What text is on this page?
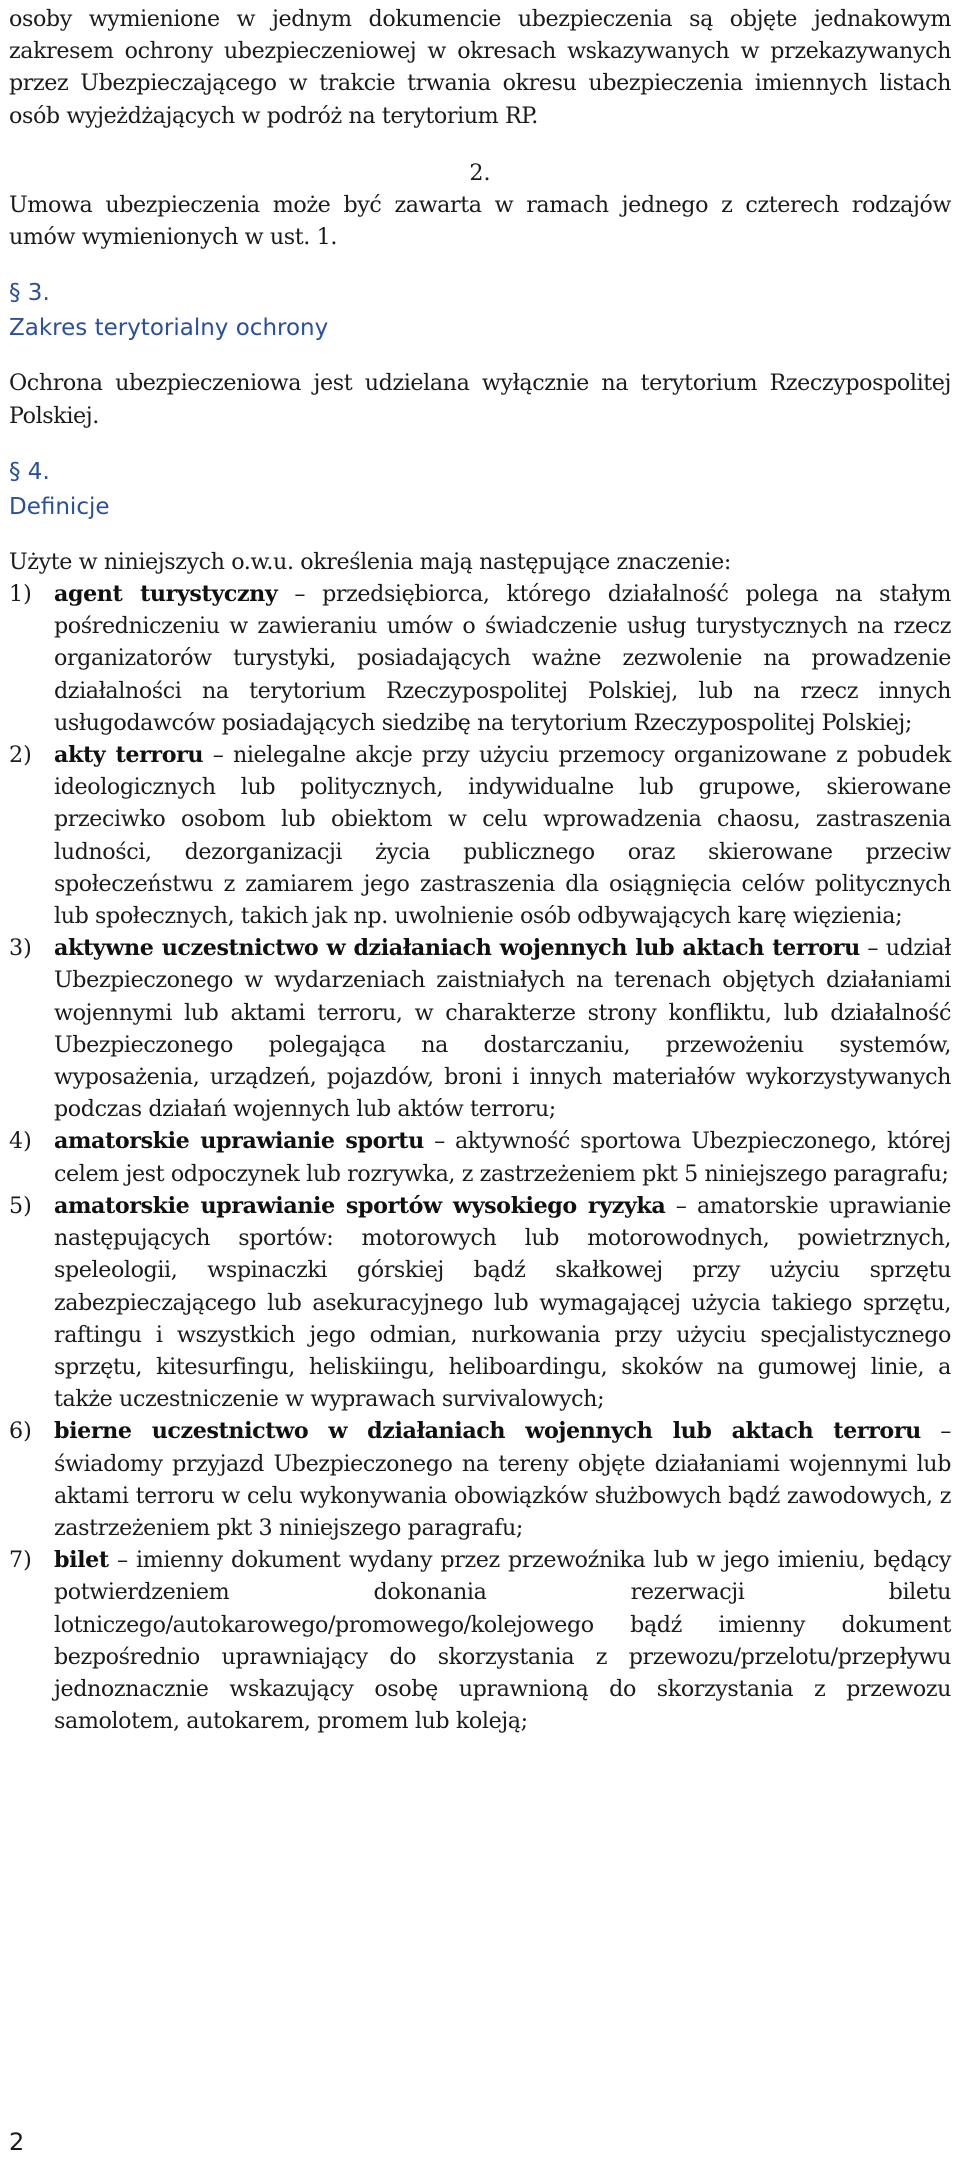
osoby wymienione w jednym dokumencie ubezpieczenia są objęte jednakowym zakresem ochrony ubezpieczeniowej w okresach wskazywanych w przekazywanych przez Ubezpieczającego w trakcie trwania okresu ubezpieczenia imiennych listach osób wyjeżdżających w podróż na terytorium RP.

2.

Umowa ubezpieczenia może być zawarta w ramach jednego z czterech rodzajów umów wymienionych w ust. 1.

§ 3.
Zakres terytorialny ochrony

Ochrona ubezpieczeniowa jest udzielana wyłącznie na terytorium Rzeczypospolitej Polskiej.

§ 4.
Definicje

Użyte w niniejszych o.w.u. określenia mają następujące znaczenie:

1)	agent turystyczny – przedsiębiorca, którego działalność polega na stałym pośredniczeniu w zawieraniu umów o świadczenie usług turystycznych na rzecz organizatorów turystyki, posiadających ważne zezwolenie na prowadzenie działalności na terytorium Rzeczypospolitej Polskiej, lub na rzecz innych usługodawców posiadających siedzibę na terytorium Rzeczypospolitej Polskiej;
2)	akty terroru – nielegalne akcje przy użyciu przemocy organizowane z pobudek ideologicznych lub politycznych, indywidualne lub grupowe, skierowane przeciwko osobom lub obiektom w celu wprowadzenia chaosu, zastraszenia ludności, dezorganizacji życia publicznego oraz skierowane przeciw społeczeństwu z zamiarem jego zastraszenia dla osiągnięcia celów politycznych lub społecznych, takich jak np. uwolnienie osób odbywających karę więzienia;
3)	aktywne uczestnictwo w działaniach wojennych lub aktach terroru – udział Ubezpieczonego w wydarzeniach zaistniałych na terenach objętych działaniami wojennymi lub aktami terroru, w charakterze strony konfliktu, lub działalność Ubezpieczonego polegająca na dostarczaniu, przewożeniu systemów, wyposażenia, urządzeń, pojazdów, broni i innych materiałów wykorzystywanych podczas działań wojennych lub aktów terroru;
4)	amatorskie uprawianie sportu – aktywność sportowa Ubezpieczonego, której celem jest odpoczynek lub rozrywka, z zastrzeżeniem pkt 5 niniejszego paragrafu;
5)	amatorskie uprawianie sportów wysokiego ryzyka – amatorskie uprawianie następujących sportów: motorowych lub motorowodnych, powietrznych, speleologii, wspinaczki górskiej bądź skałkowej przy użyciu sprzętu zabezpieczającego lub asekuracyjnego lub wymagającej użycia takiego sprzętu, raftingu i wszystkich jego odmian, nurkowania przy użyciu specjalistycznego sprzętu, kitesurfingu, heliskiingu, heliboardingu, skoków na gumowej linie, a także uczestniczenie w wyprawach survivalowych;
6)	bierne uczestnictwo w działaniach wojennych lub aktach terroru – świadomy przyjazd Ubezpieczonego na tereny objęte działaniami wojennymi lub aktami terroru w celu wykonywania obowiązków służbowych bądź zawodowych, z zastrzeżeniem pkt 3 niniejszego paragrafu;
7)	bilet – imienny dokument wydany przez przewoźnika lub w jego imieniu, będący potwierdzeniem dokonania rezerwacji biletu lotniczego/autokarowego/promowego/kolejowego bądź imienny dokument bezpośrednio uprawniający do skorzystania z przewozu/przelotu/przepływu jednoznacznie wskazujący osobę uprawnioną do skorzystania z przewozu samolotem, autokarem, promem lub koleją;
2
